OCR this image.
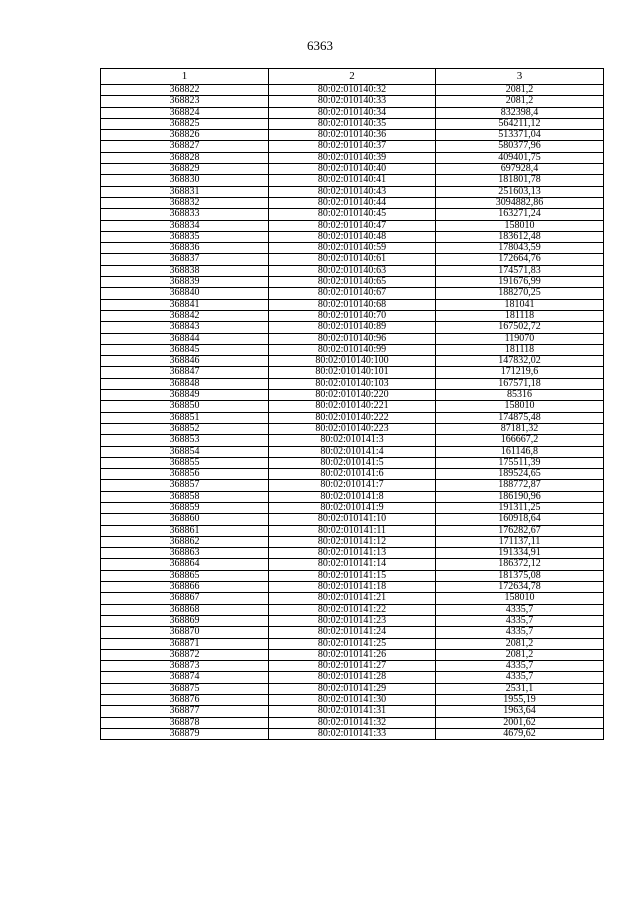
6363
1	2	3
368822	80:02:010140:32	2081,2
368823	80:02:010140:33	2081,2
368824	80:02:010140:34	832398,4
368825	80:02:010140:35	564211,12
368826	80:02:010140:36	513371,04
368827	80:02:010140:37	580377,96
368828	80:02:010140:39	409401,75
368829	80:02:010140:40	697928,4
368830	80:02:010140:41	181801,78
368831	80:02:010140:43	251603,13
368832	80:02:010140:44	3094882,86
368833	80:02:010140:45	163271,24
368834	80:02:010140:47	158010
368835	80:02:010140:48	183612,48
368836	80:02:010140:59	178043,59
368837	80:02:010140:61	172664,76
368838	80:02:010140:63	174571,83
368839	80:02:010140:65	191676,99
368840	80:02:010140:67	188270,25
368841	80:02:010140:68	181041
368842	80:02:010140:70	181118
368843	80:02:010140:89	167502,72
368844	80:02:010140:96	119070
368845	80:02:010140:99	181118
368846	80:02:010140:100	147832,02
368847	80:02:010140:101	171219,6
368848	80:02:010140:103	167571,18
368849	80:02:010140:220	85316
368850	80:02:010140:221	158010
368851	80:02:010140:222	174875,48
368852	80:02:010140:223	87181,32
368853	80:02:010141:3	166667,2
368854	80:02:010141:4	161146,8
368855	80:02:010141:5	175511,39
368856	80:02:010141:6	189524,65
368857	80:02:010141:7	188772,87
368858	80:02:010141:8	186190,96
368859	80:02:010141:9	191311,25
368860	80:02:010141:10	160918,64
368861	80:02:010141:11	176282,67
368862	80:02:010141:12	171137,11
368863	80:02:010141:13	191334,91
368864	80:02:010141:14	186372,12
368865	80:02:010141:15	181375,08
368866	80:02:010141:18	172634,78
368867	80:02:010141:21	158010
368868	80:02:010141:22	4335,7
368869	80:02:010141:23	4335,7
368870	80:02:010141:24	4335,7
368871	80:02:010141:25	2081,2
368872	80:02:010141:26	2081,2
368873	80:02:010141:27	4335,7
368874	80:02:010141:28	4335,7
368875	80:02:010141:29	2531,1
368876	80:02:010141:30	1955,19
368877	80:02:010141:31	1963,64
368878	80:02:010141:32	2001,62
368879	80:02:010141:33	4679,62
